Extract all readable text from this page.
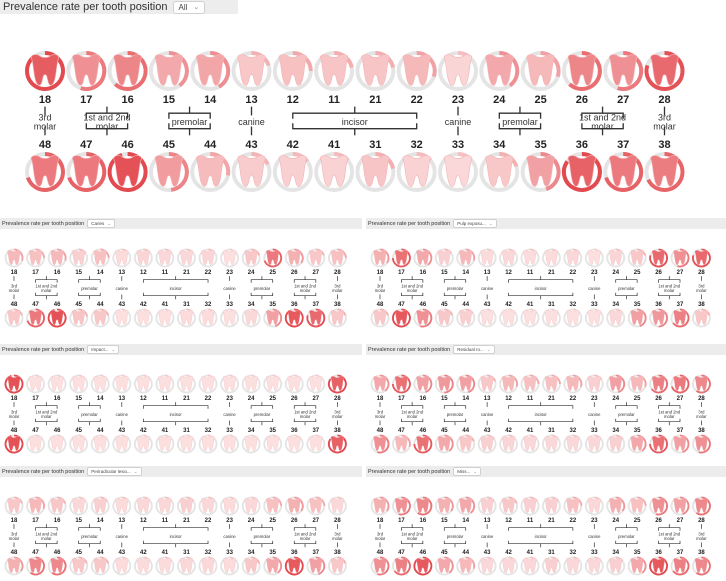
Prevalence rate per tooth position All ⌄
18
48
17
47
16
46
15
45
14
44
13
43
12
42
11
41
21
31
22
32
23
33
24
34
25
35
26
36
27
37
28
38
3rd molar
1st and 2nd molar	premolar	canine	incisor	canine	premolar	1st and 2nd molar
3rd molar
Prevalence rate per tooth position Caries ⌄
18
48
17
47
16
46
15
45
14
44
13
43
12
42
11
41
21
31
22
32
23
33
24
34
25
35
26
36
27
37
28
38
3rd molar
1st and 2nd molar	premolar	canine	incisor	canine	premolar	1st and 2nd molar
3rd molar
Prevalence rate per tooth position Pulp exposu... ⌄
18
48
17
47
16
46
15
45
14
44
13
43
12
42
11
41
21
31
22
32
23
33
24
34
25
35
26
36
27
37
28
38
3rd molar
1st and 2nd molar	premolar	canine	incisor	canine	premolar	1st and 2nd molar
3rd molar
Prevalence rate per tooth position Impact... ⌄
18
48
17
47
16
46
15
45
14
44
13
43
12
42
11
41
21
31
22
32
23
33
24
34
25
35
26
36
27
37
28
38
3rd molar
1st and 2nd molar	premolar	canine	incisor	canine	premolar	1st and 2nd molar
3rd molar
Prevalence rate per tooth position Residual ro... ⌄
18
48
17
47
16
46
15
45
14
44
13
43
12
42
11
41
21
31
22
32
23
33
24
34
25
35
26
36
27
37
28
38
3rd molar
1st and 2nd molar	premolar	canine	incisor	canine	premolar	1st and 2nd molar
3rd molar
Prevalence rate per tooth position Periradicular lesio... ⌄
18
48
17
47
16
46
15
45
14
44
13
43
12
42
11
41
21
31
22
32
23
33
24
34
25
35
26
36
27
37
28
38
3rd molar
1st and 2nd molar	premolar	canine	incisor	canine	premolar	1st and 2nd molar
3rd molar
Prevalence rate per tooth position Miss... ⌄
18
48
17
47
16
46
15
45
14
44
13
43
12
42
11
41
21
31
22
32
23
33
24
34
25
35
26
36
27
37
28
38
3rd molar
1st and 2nd molar	premolar	canine	incisor	canine	premolar	1st and 2nd molar
3rd molar
